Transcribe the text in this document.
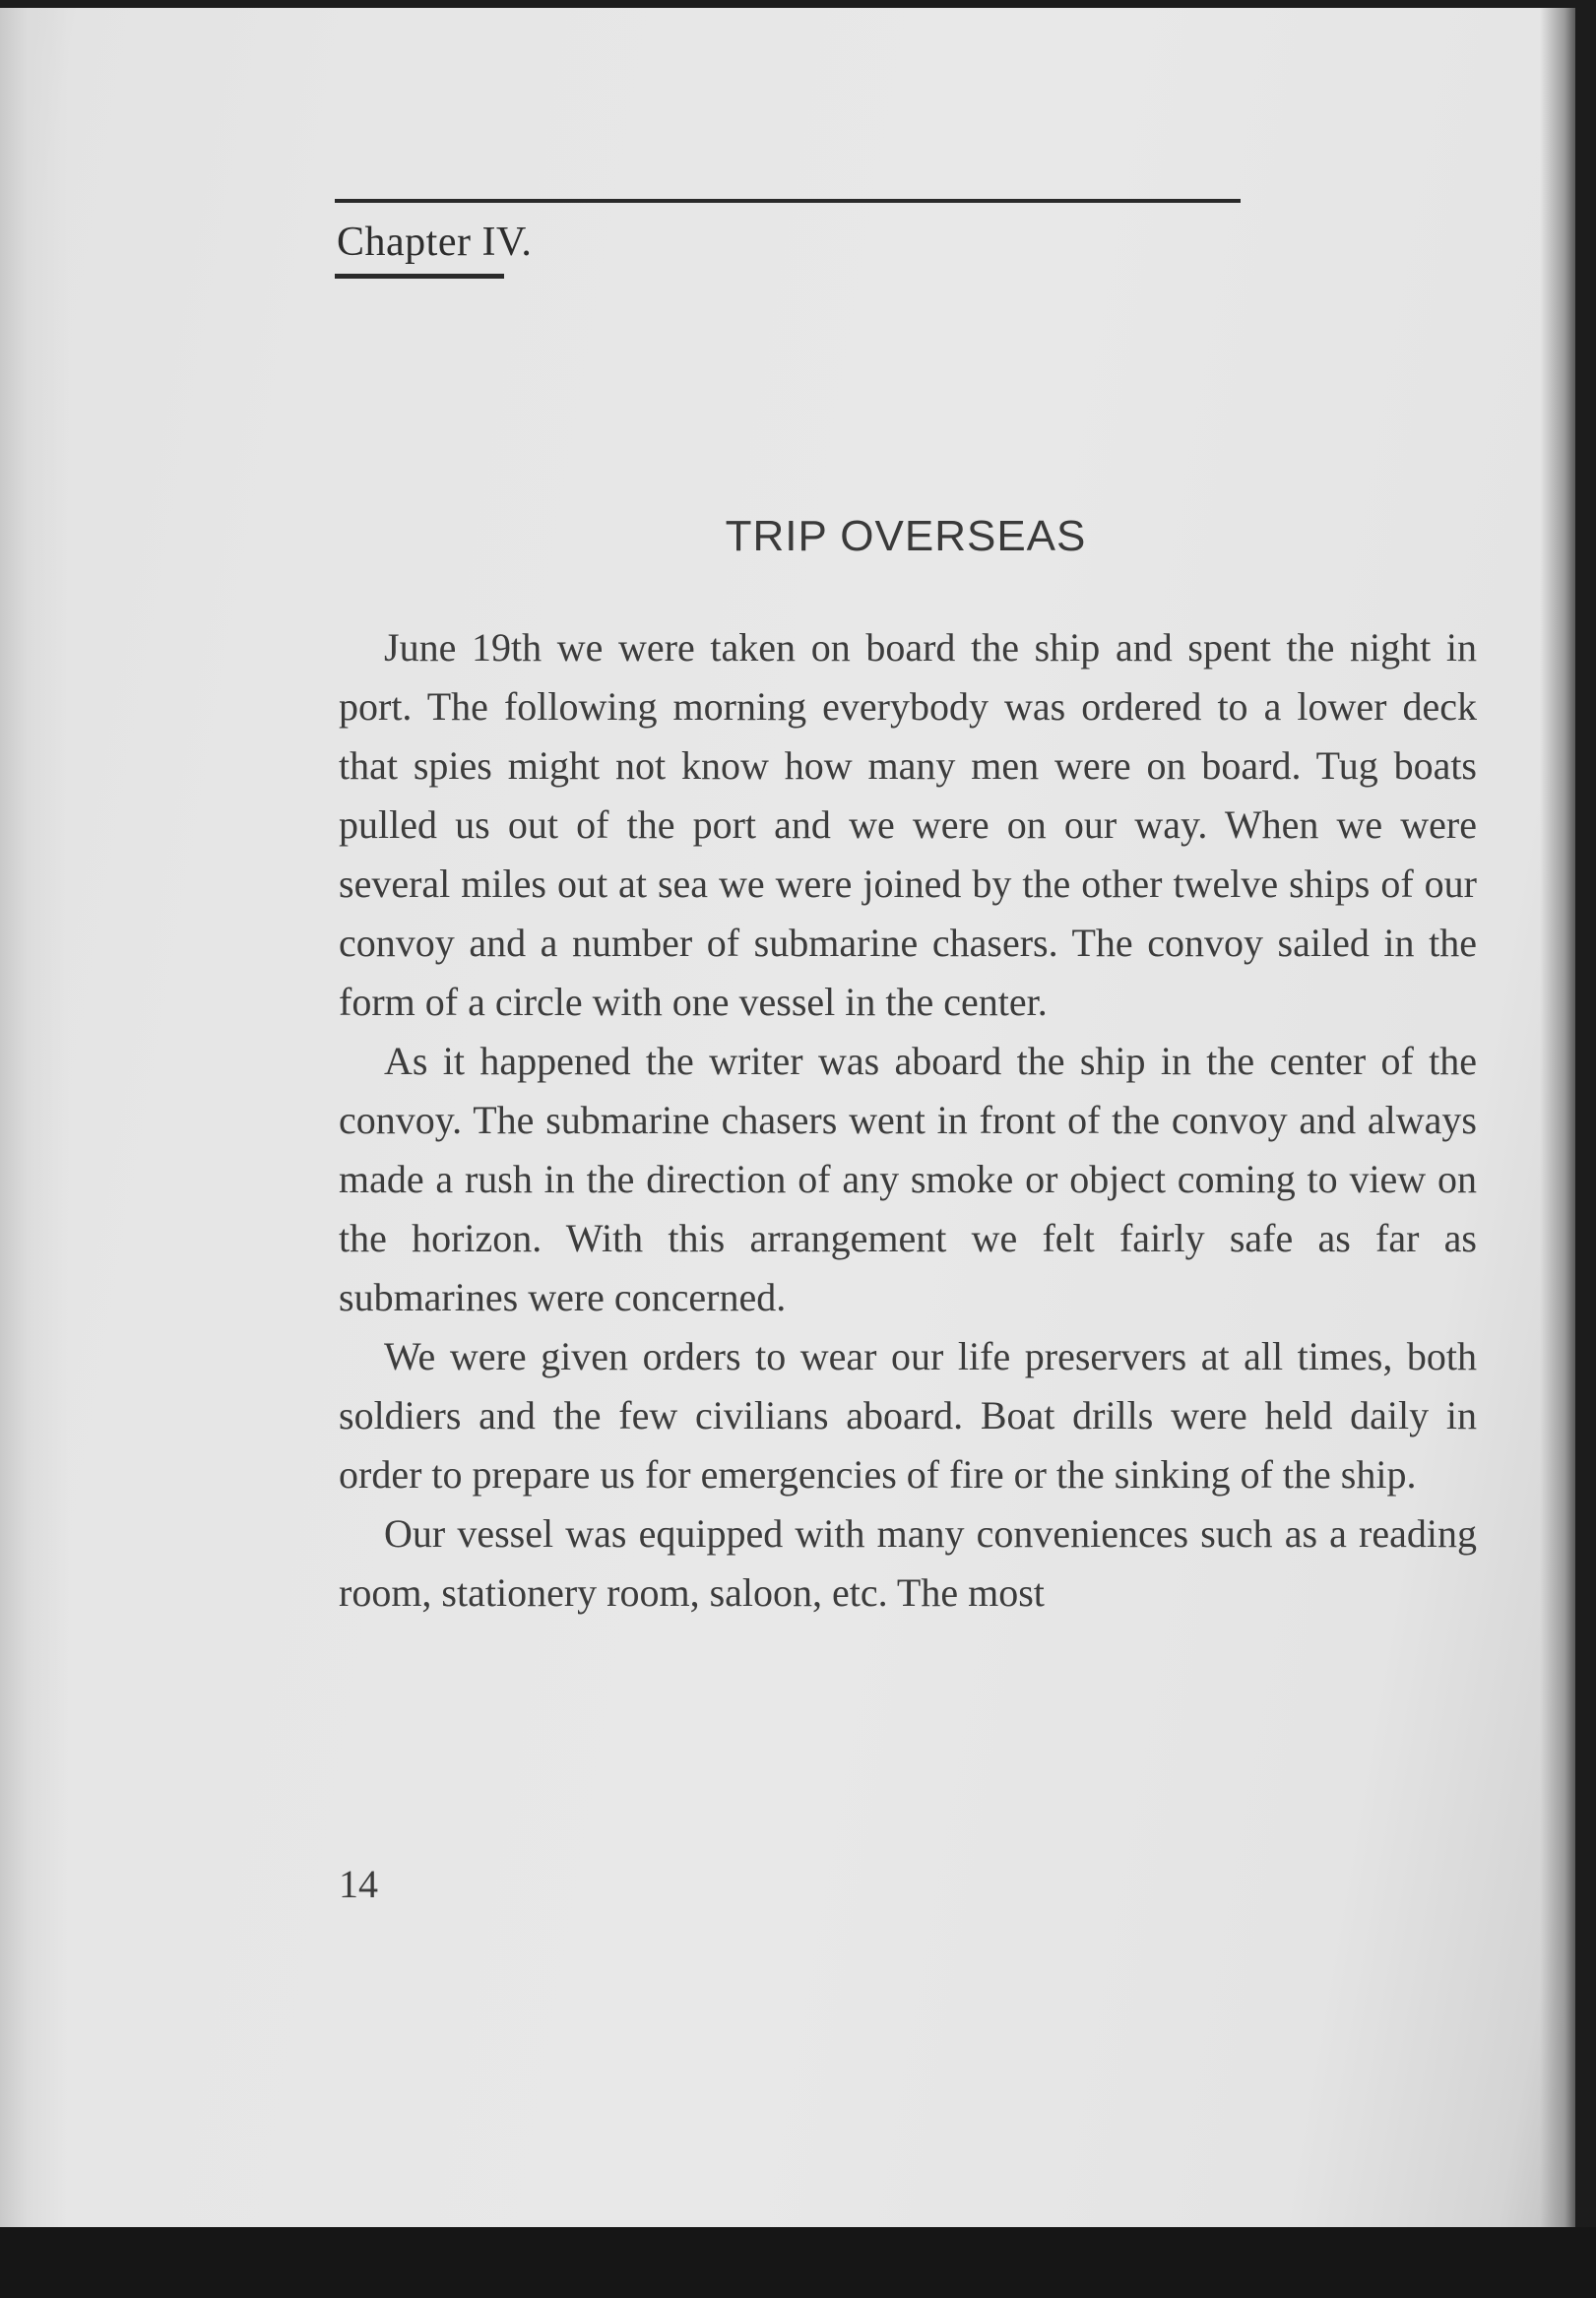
Chapter IV.
TRIP OVERSEAS

June 19th we were taken on board the ship and spent the night in port. The following morning everybody was ordered to a lower deck that spies might not know how many men were on board. Tug boats pulled us out of the port and we were on our way. When we were several miles out at sea we were joined by the other twelve ships of our convoy and a number of submarine chasers. The convoy sailed in the form of a circle with one vessel in the center.

As it happened the writer was aboard the ship in the center of the convoy. The submarine chasers went in front of the convoy and always made a rush in the direction of any smoke or object coming to view on the horizon. With this arrangement we felt fairly safe as far as submarines were concerned.

We were given orders to wear our life preservers at all times, both soldiers and the few civilians aboard. Boat drills were held daily in order to prepare us for emergencies of fire or the sinking of the ship.

Our vessel was equipped with many conveniences such as a reading room, stationery room, saloon, etc. The most

14
